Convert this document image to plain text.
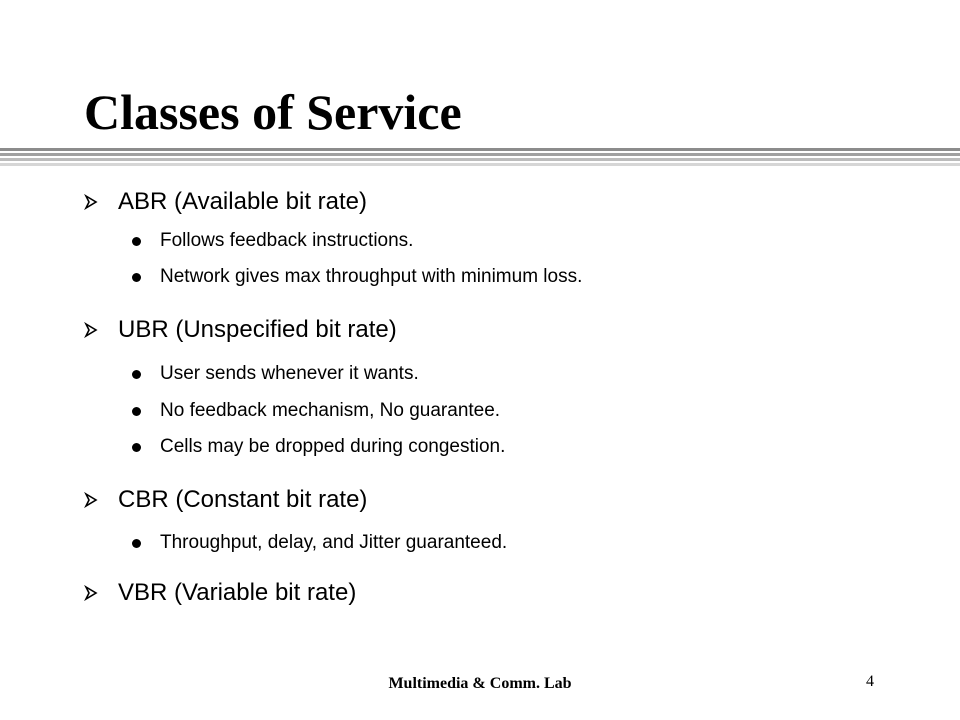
Classes of Service
ABR (Available bit rate)
Follows feedback instructions.
Network gives max throughput with minimum loss.
UBR (Unspecified bit rate)
User sends whenever it wants.
No feedback mechanism, No guarantee.
Cells may be dropped during congestion.
CBR (Constant bit rate)
Throughput, delay, and Jitter guaranteed.
VBR (Variable bit rate)
Multimedia & Comm. Lab	4
